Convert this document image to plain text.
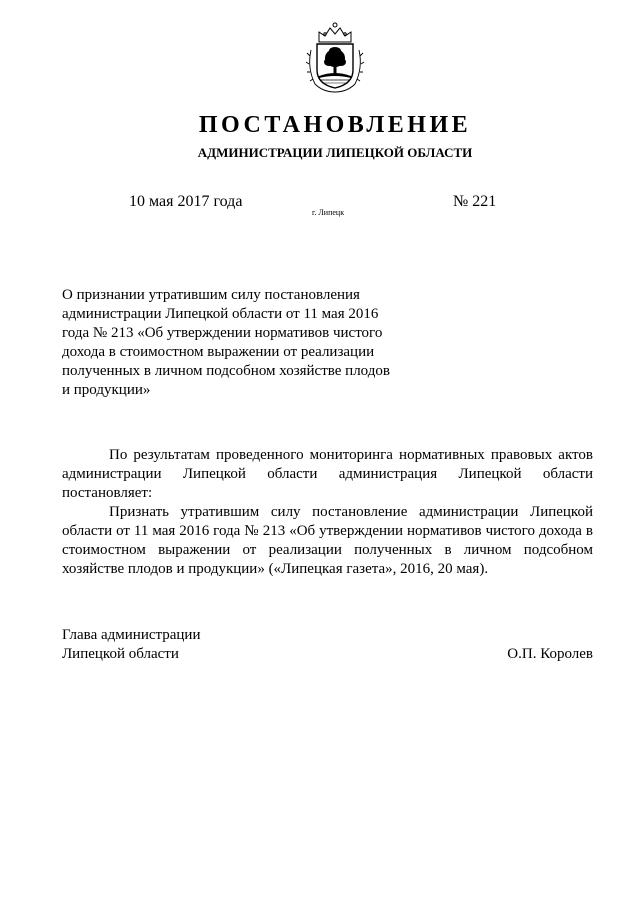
ПОСТАНОВЛЕНИЕ
АДМИНИСТРАЦИИ ЛИПЕЦКОЙ ОБЛАСТИ
10 мая 2017 года
г. Липецк
№ 221
О признании утратившим силу постановления
администрации Липецкой области от 11 мая 2016
года № 213 «Об утверждении нормативов чистого
дохода в стоимостном выражении от реализации
полученных в личном подсобном хозяйстве плодов
и продукции»

По результатам проведенного мониторинга нормативных правовых актов администрации Липецкой области администрация Липецкой области постановляет:

Признать утратившим силу постановление администрации Липецкой области от 11 мая 2016 года № 213 «Об утверждении нормативов чистого дохода в стоимостном выражении от реализации полученных в личном подсобном хозяйстве плодов и продукции» («Липецкая газета», 2016, 20 мая).

Глава администрации
Липецкой области	О.П. Королев
